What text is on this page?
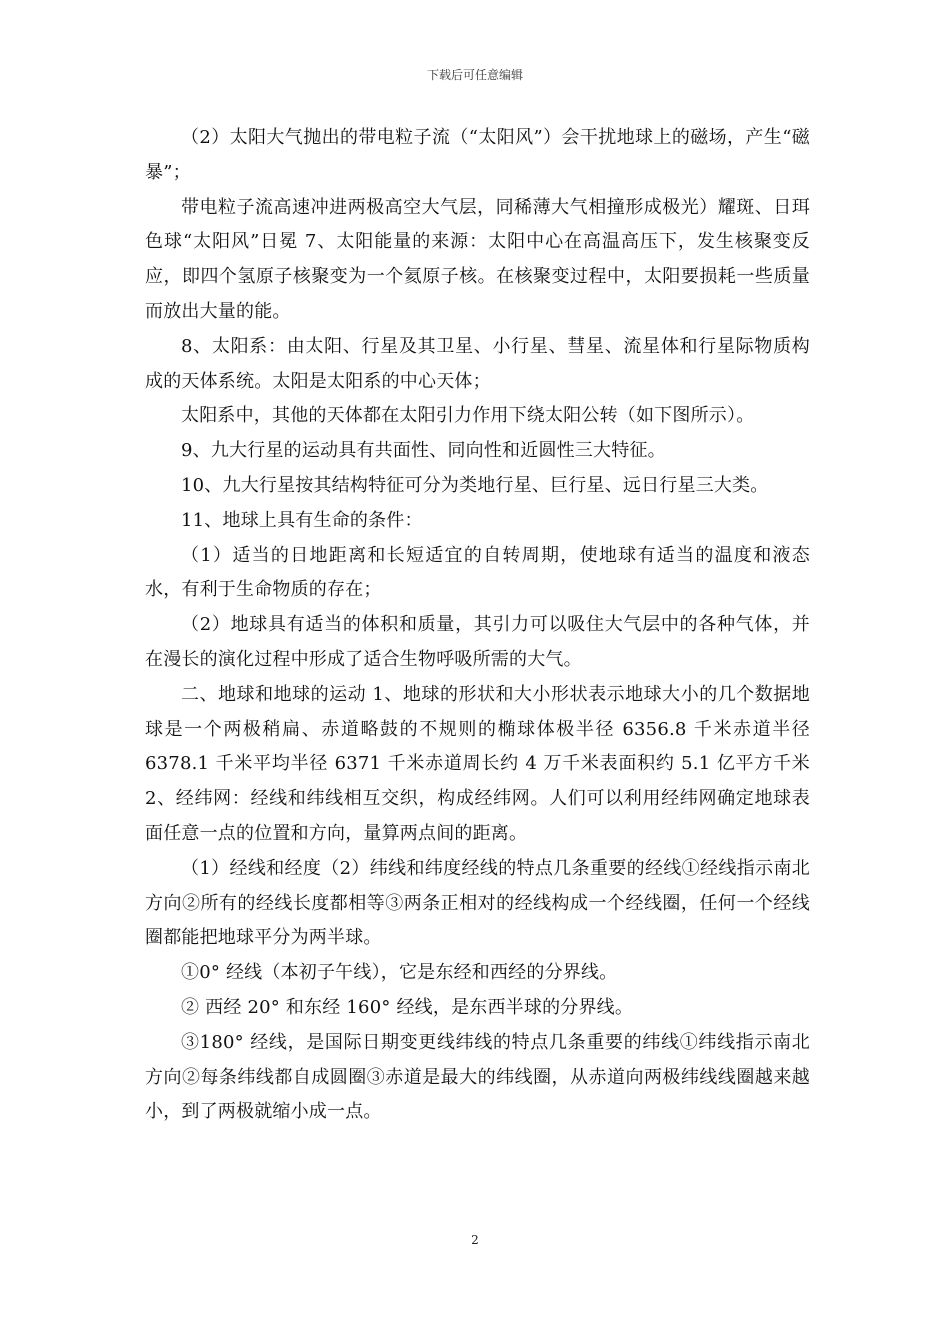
下载后可任意编辑

（2）太阳大气抛出的带电粒子流（“太阳风”）会干扰地球上的磁场，产生“磁暴”；

带电粒子流高速冲进两极高空大气层，同稀薄大气相撞形成极光）耀斑、日珥色球“太阳风”日冕 7、太阳能量的来源：太阳中心在高温高压下，发生核聚变反应，即四个氢原子核聚变为一个氦原子核。在核聚变过程中，太阳要损耗一些质量而放出大量的能。

8、太阳系：由太阳、行星及其卫星、小行星、彗星、流星体和行星际物质构成的天体系统。太阳是太阳系的中心天体；

太阳系中，其他的天体都在太阳引力作用下绕太阳公转（如下图所示）。

9、九大行星的运动具有共面性、同向性和近圆性三大特征。

10、九大行星按其结构特征可分为类地行星、巨行星、远日行星三大类。

11、地球上具有生命的条件：

（1）适当的日地距离和长短适宜的自转周期，使地球有适当的温度和液态水，有利于生命物质的存在；

（2）地球具有适当的体积和质量，其引力可以吸住大气层中的各种气体，并在漫长的演化过程中形成了适合生物呼吸所需的大气。

二、地球和地球的运动 1、地球的形状和大小形状表示地球大小的几个数据地球是一个两极稍扁、赤道略鼓的不规则的椭球体极半径 6356.8 千米赤道半径 6378.1 千米平均半径 6371 千米赤道周长约 4 万千米表面积约 5.1 亿平方千米 2、经纬网：经线和纬线相互交织，构成经纬网。人们可以利用经纬网确定地球表面任意一点的位置和方向，量算两点间的距离。

（1）经线和经度（2）纬线和纬度经线的特点几条重要的经线①经线指示南北方向②所有的经线长度都相等③两条正相对的经线构成一个经线圈，任何一个经线圈都能把地球平分为两半球。

①0° 经线（本初子午线），它是东经和西经的分界线。

② 西经 20° 和东经 160° 经线，是东西半球的分界线。

③180° 经线，是国际日期变更线纬线的特点几条重要的纬线①纬线指示南北方向②每条纬线都自成圆圈③赤道是最大的纬线圈，从赤道向两极纬线线圈越来越小，到了两极就缩小成一点。

2
